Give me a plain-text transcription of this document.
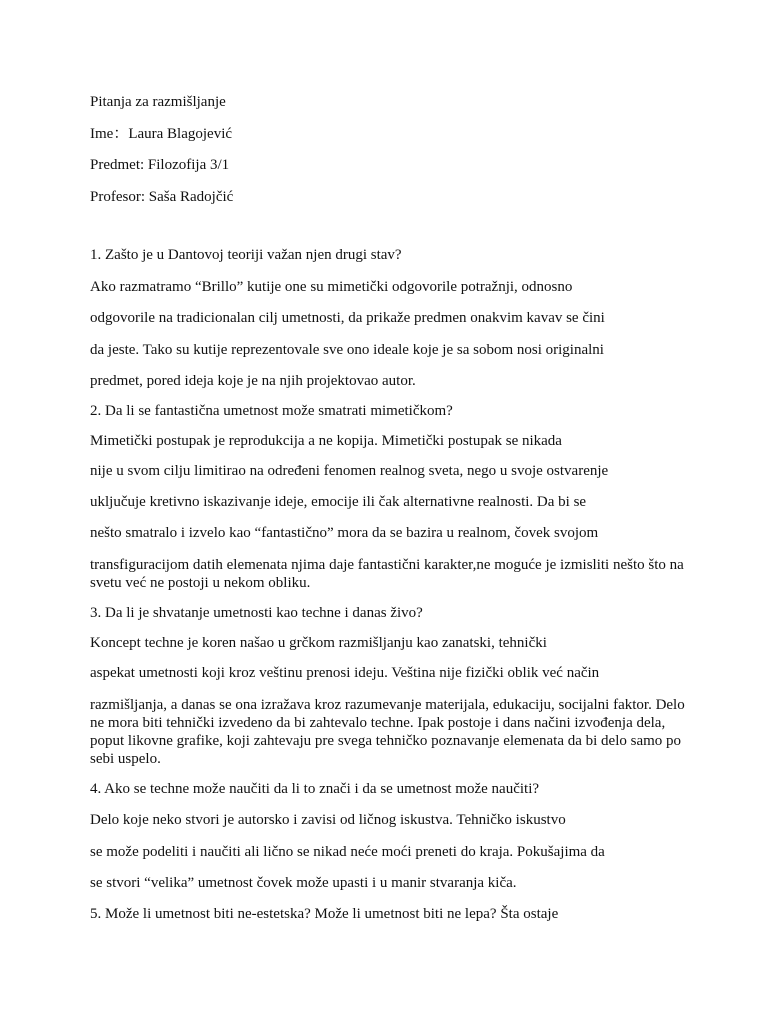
Pitanja za razmišljanje

Ime：Laura Blagojević

Predmet: Filozofija 3/1

Profesor: Saša Radojčić

1. Zašto je u Dantovoj teoriji važan njen drugi stav?

Ako razmatramo “Brillo” kutije one su mimetički odgovorile potražnji, odnosno

odgovorile na tradicionalan cilj umetnosti, da prikaže predmen onakvim kavav se čini

da jeste. Tako su kutije reprezentovale sve ono ideale koje je sa sobom nosi originalni

predmet, pored ideja koje je na njih projektovao autor.

2. Da li se fantastična umetnost može smatrati mimetičkom?

Mimetički postupak je reprodukcija a ne kopija. Mimetički postupak se nikada

nije u svom cilju limitirao na određeni fenomen realnog sveta, nego u svoje ostvarenje

uključuje kretivno iskazivanje ideje, emocije ili čak alternativne realnosti. Da bi se

nešto smatralo i izvelo kao “fantastično” mora da se bazira u realnom, čovek svojom

transfiguracijom datih elemenata njima daje fantastični karakter,ne moguće je izmisliti nešto što na svetu već ne postoji u nekom obliku.

3. Da li je shvatanje umetnosti kao techne i danas živo?

Koncept techne je koren našao u grčkom razmišljanju kao zanatski, tehnički

aspekat umetnosti koji kroz veštinu prenosi ideju. Veština nije fizički oblik već način

razmišljanja, a danas se ona izražava kroz razumevanje materijala, edukaciju, socijalni faktor. Delo ne mora biti tehnički izvedeno da bi zahtevalo techne. Ipak postoje i dans načini izvođenja dela, poput likovne grafike, koji zahtevaju pre svega tehničko poznavanje elemenata da bi delo samo po sebi uspelo.

4. Ako se techne može naučiti da li to znači i da se umetnost može naučiti?

Delo koje neko stvori je autorsko i zavisi od ličnog iskustva. Tehničko iskustvo

se može podeliti i naučiti ali lično se nikad neće moći preneti do kraja. Pokušajima da

se stvori “velika” umetnost čovek može upasti i u manir stvaranja kiča.

5. Može li umetnost biti ne-estetska? Može li umetnost biti ne lepa? Šta ostaje
